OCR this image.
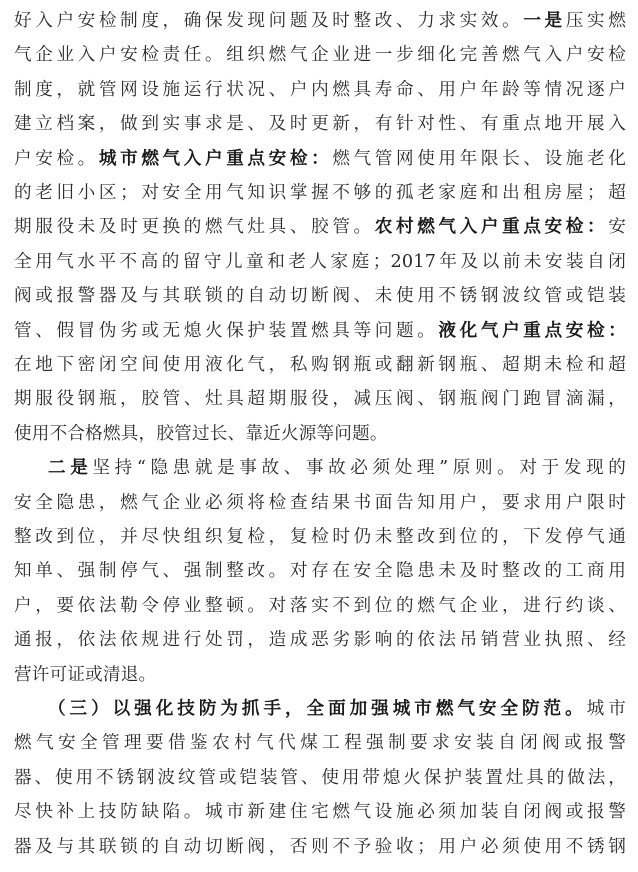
好入户安检制度，确保发现问题及时整改、力求实效。一是压实燃
气企业入户安检责任。组织燃气企业进一步细化完善燃气入户安检
制度，就管网设施运行状况、户内燃具寿命、用户年龄等情况逐户
建立档案，做到实事求是、及时更新，有针对性、有重点地开展入
户安检。城市燃气入户重点安检：燃气管网使用年限长、设施老化
的老旧小区；对安全用气知识掌握不够的孤老家庭和出租房屋；超
期服役未及时更换的燃气灶具、胶管。农村燃气入户重点安检：安
全用气水平不高的留守儿童和老人家庭；2017年及以前未安装自闭
阀或报警器及与其联锁的自动切断阀、未使用不锈钢波纹管或铠装
管、假冒伪劣或无熄火保护装置燃具等问题。液化气户重点安检：
在地下密闭空间使用液化气，私购钢瓶或翻新钢瓶、超期未检和超
期服役钢瓶，胶管、灶具超期服役，减压阀、钢瓶阀门跑冒滴漏，
使用不合格燃具，胶管过长、靠近火源等问题。
二是坚持“隐患就是事故、事故必须处理”原则。对于发现的
安全隐患，燃气企业必须将检查结果书面告知用户，要求用户限时
整改到位，并尽快组织复检，复检时仍未整改到位的，下发停气通
知单、强制停气、强制整改。对存在安全隐患未及时整改的工商用
户，要依法勒令停业整顿。对落实不到位的燃气企业，进行约谈、
通报，依法依规进行处罚，造成恶劣影响的依法吊销营业执照、经
营许可证或清退。
（三）以强化技防为抓手，全面加强城市燃气安全防范。城市
燃气安全管理要借鉴农村气代煤工程强制要求安装自闭阀或报警
器、使用不锈钢波纹管或铠装管、使用带熄火保护装置灶具的做法，
尽快补上技防缺陷。城市新建住宅燃气设施必须加装自闭阀或报警
器及与其联锁的自动切断阀，否则不予验收；用户必须使用不锈钢
